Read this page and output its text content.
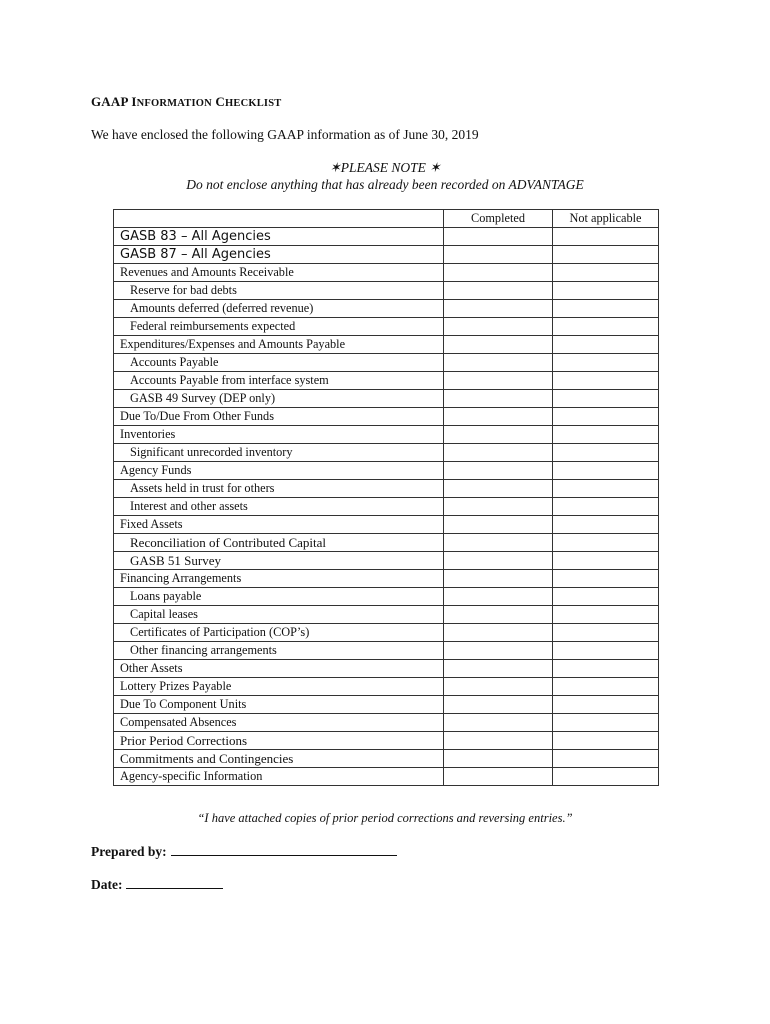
GAAP INFORMATION CHECKLIST

We have enclosed the following GAAP information as of June 30, 2019

✶PLEASE NOTE ✶

Do not enclose anything that has already been recorded on ADVANTAGE

	Completed	Not applicable
GASB 83 – All Agencies		
GASB 87 – All Agencies		
Revenues and Amounts Receivable		
Reserve for bad debts		
Amounts deferred (deferred revenue)		
Federal reimbursements expected		
Expenditures/Expenses and Amounts Payable		
Accounts Payable		
Accounts Payable from interface system		
GASB 49 Survey (DEP only)		
Due To/Due From Other Funds		
Inventories		
Significant unrecorded inventory		
Agency Funds		
Assets held in trust for others		
Interest and other assets		
Fixed Assets		
Reconciliation of Contributed Capital		
GASB 51 Survey		
Financing Arrangements		
Loans payable		
Capital leases		
Certificates of Participation (COP’s)		
Other financing arrangements		
Other Assets		
Lottery Prizes Payable		
Due To Component Units		
Compensated Absences		
Prior Period Corrections		
Commitments and Contingencies		
Agency-specific Information		

“I have attached copies of prior period corrections and reversing entries.”

Prepared by:

Date:
